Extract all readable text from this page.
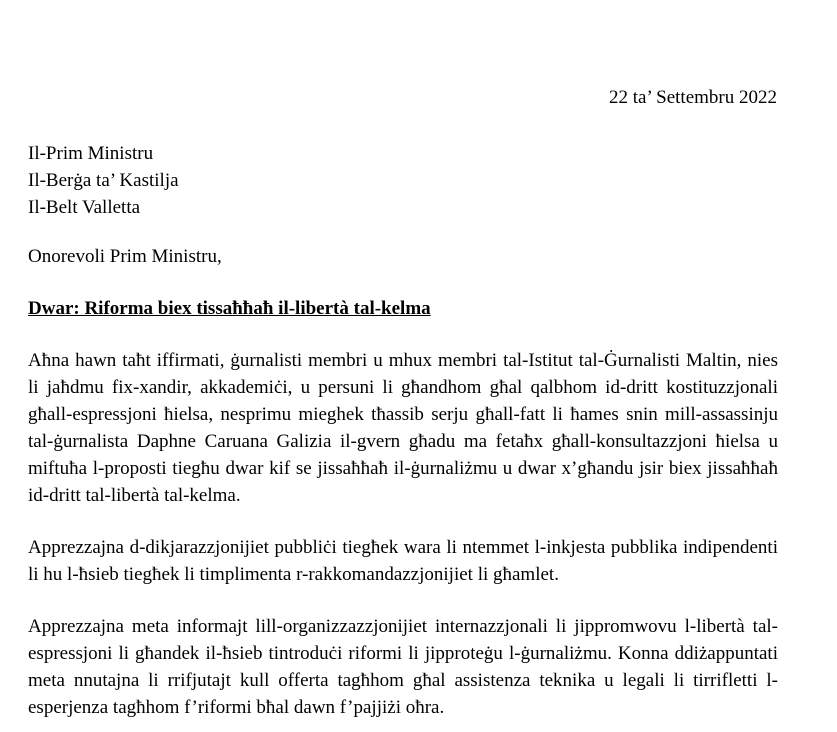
22 ta’ Settembru 2022
Il-Prim Ministru
Il-Berġa ta’ Kastilja
Il-Belt Valletta
Onorevoli Prim Ministru,
Dwar: Riforma biex tissaħħaħ il-libertà tal-kelma

Aħna hawn taħt iffirmati, ġurnalisti membri u mhux membri tal-Istitut tal-Ġurnalisti Maltin, nies li jaħdmu fix-xandir, akkademiċi, u persuni li għandhom għal qalbhom id-dritt kostituzzjonali għall-espressjoni ħielsa, nesprimu mieghek tħassib serju għall-fatt li ħames snin mill-assassinju tal-ġurnalista Daphne Caruana Galizia il-gvern għadu ma fetaħx għall-konsultazzjoni ħielsa u miftuħa l-proposti tiegħu dwar kif se jissaħħaħ il-ġurnaliżmu u dwar x’għandu jsir biex jissaħħaħ id-dritt tal-libertà tal-kelma.

Apprezzajna d-dikjarazzjonijiet pubbliċi tiegħek wara li ntemmet l-inkjesta pubblika indipendenti li hu l-ħsieb tiegħek li timplimenta r-rakkomandazzjonijiet li għamlet.

Apprezzajna meta informajt lill-organizzazzjonijiet internazzjonali li jippromwovu l-libertà tal-espressjoni li għandek il-ħsieb tintroduċi riformi li jipproteġu l-ġurnaliżmu. Konna ddiżappuntati meta nnutajna li rrifjutajt kull offerta tagħhom għal assistenza teknika u legali li tirrifletti l-esperjenza tagħhom f’riformi bħal dawn f’pajjiżi oħra.
